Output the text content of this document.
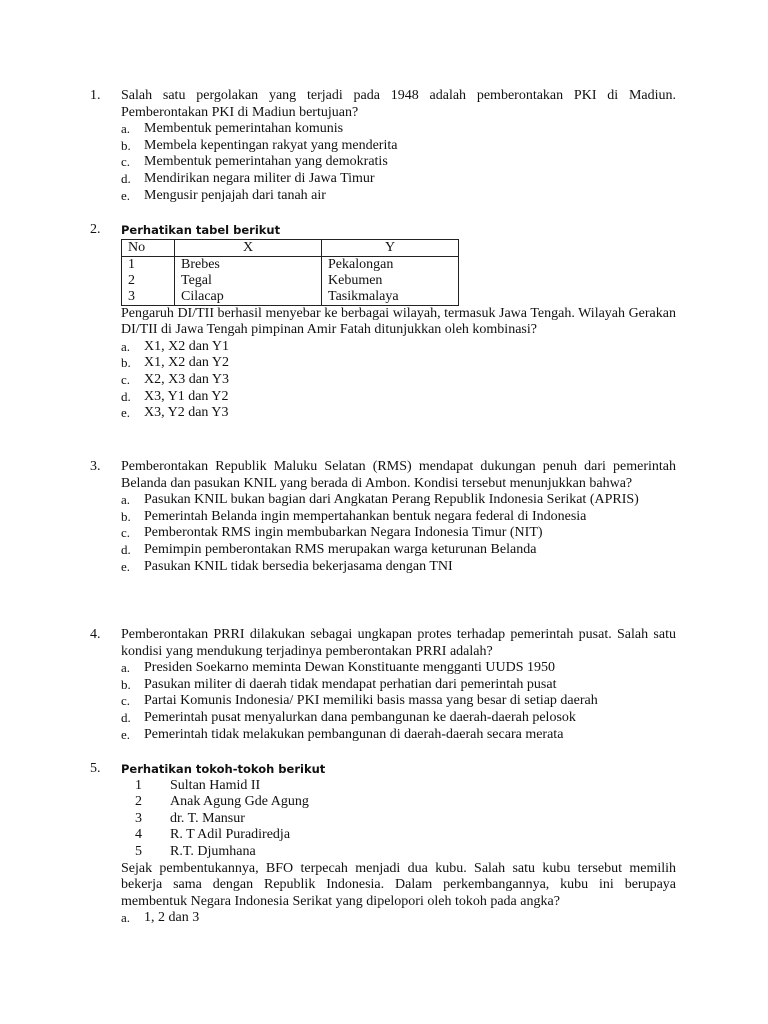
1.	Salah satu pergolakan yang terjadi pada 1948 adalah pemberontakan PKI di Madiun. Pemberontakan PKI di Madiun bertujuan?
a. Membentuk pemerintahan komunis
b. Membela kepentingan rakyat yang menderita
c. Membentuk pemerintahan yang demokratis
d. Mendirikan negara militer di Jawa Timur
e. Mengusir penjajah dari tanah air
2.	Perhatikan tabel berikut
No	X	Y
1	Brebes	Pekalongan
2	Tegal	Kebumen
3	Cilacap	Tasikmalaya
Pengaruh DI/TII berhasil menyebar ke berbagai wilayah, termasuk Jawa Tengah. Wilayah Gerakan DI/TII di Jawa Tengah pimpinan Amir Fatah ditunjukkan oleh kombinasi?
a. X1, X2 dan Y1
b. X1, X2 dan Y2
c. X2, X3 dan Y3
d. X3, Y1 dan Y2
e. X3, Y2 dan Y3
3.	Pemberontakan Republik Maluku Selatan (RMS) mendapat dukungan penuh dari pemerintah Belanda dan pasukan KNIL yang berada di Ambon. Kondisi tersebut menunjukkan bahwa?
a. Pasukan KNIL bukan bagian dari Angkatan Perang Republik Indonesia Serikat (APRIS)
b. Pemerintah Belanda ingin mempertahankan bentuk negara federal di Indonesia
c. Pemberontak RMS ingin membubarkan Negara Indonesia Timur (NIT)
d. Pemimpin pemberontakan RMS merupakan warga keturunan Belanda
e. Pasukan KNIL tidak bersedia bekerjasama dengan TNI
4.	Pemberontakan PRRI dilakukan sebagai ungkapan protes terhadap pemerintah pusat. Salah satu kondisi yang mendukung terjadinya pemberontakan PRRI adalah?
a. Presiden Soekarno meminta Dewan Konstituante mengganti UUDS 1950
b. Pasukan militer di daerah tidak mendapat perhatian dari pemerintah pusat
c. Partai Komunis Indonesia/ PKI memiliki basis massa yang besar di setiap daerah
d. Pemerintah pusat menyalurkan dana pembangunan ke daerah-daerah pelosok
e. Pemerintah tidak melakukan pembangunan di daerah-daerah secara merata
5.	Perhatikan tokoh-tokoh berikut
1 Sultan Hamid II
2 Anak Agung Gde Agung
3 dr. T. Mansur
4 R. T Adil Puradiredja
5 R.T. Djumhana
Sejak pembentukannya, BFO terpecah menjadi dua kubu. Salah satu kubu tersebut memilih bekerja sama dengan Republik Indonesia. Dalam perkembangannya, kubu ini berupaya membentuk Negara Indonesia Serikat yang dipelopori oleh tokoh pada angka?
a. 1, 2 dan 3
